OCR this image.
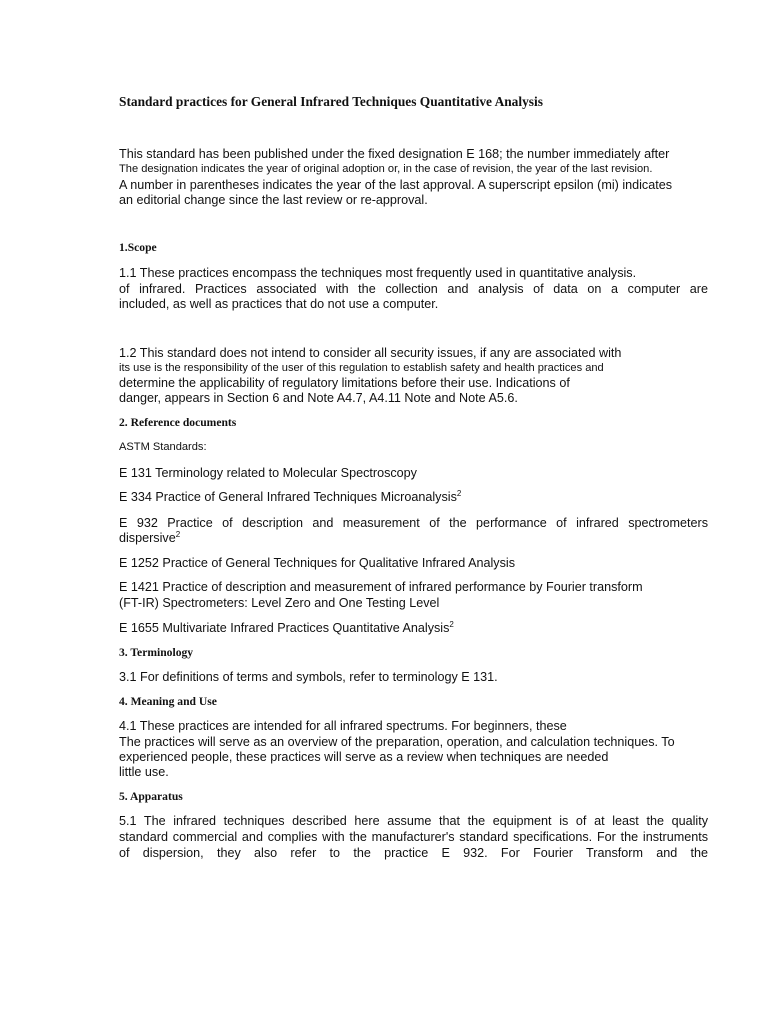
Standard practices for General Infrared Techniques Quantitative Analysis
This standard has been published under the fixed designation E 168; the number immediately after
The designation indicates the year of original adoption or, in the case of revision, the year of the last revision.
A number in parentheses indicates the year of the last approval. A superscript epsilon (mi) indicates
an editorial change since the last review or re-approval.
1.Scope
1.1 These practices encompass the techniques most frequently used in quantitative analysis.
of infrared. Practices associated with the collection and analysis of data on a computer are
included, as well as practices that do not use a computer.
1.2 This standard does not intend to consider all security issues, if any are associated with
its use is the responsibility of the user of this regulation to establish safety and health practices and
determine the applicability of regulatory limitations before their use. Indications of
danger, appears in Section 6 and Note A4.7, A4.11 Note and Note A5.6.
2. Reference documents
ASTM Standards:
E 131 Terminology related to Molecular Spectroscopy
E 334 Practice of General Infrared Techniques Microanalysis$^2$
E 932 Practice of description and measurement of the performance of infrared spectrometers
dispersive$^2$
E 1252 Practice of General Techniques for Qualitative Infrared Analysis
E 1421 Practice of description and measurement of infrared performance by Fourier transform
(FT-IR) Spectrometers: Level Zero and One Testing Level
E 1655 Multivariate Infrared Practices Quantitative Analysis$^2$
3. Terminology
3.1 For definitions of terms and symbols, refer to terminology E 131.
4. Meaning and Use
4.1 These practices are intended for all infrared spectrums. For beginners, these
The practices will serve as an overview of the preparation, operation, and calculation techniques. To
experienced people, these practices will serve as a review when techniques are needed
little use.
5. Apparatus
5.1 The infrared techniques described here assume that the equipment is of at least the quality
standard commercial and complies with the manufacturer's standard specifications. For the instruments
of dispersion, they also refer to the practice E 932. For Fourier Transform and the
